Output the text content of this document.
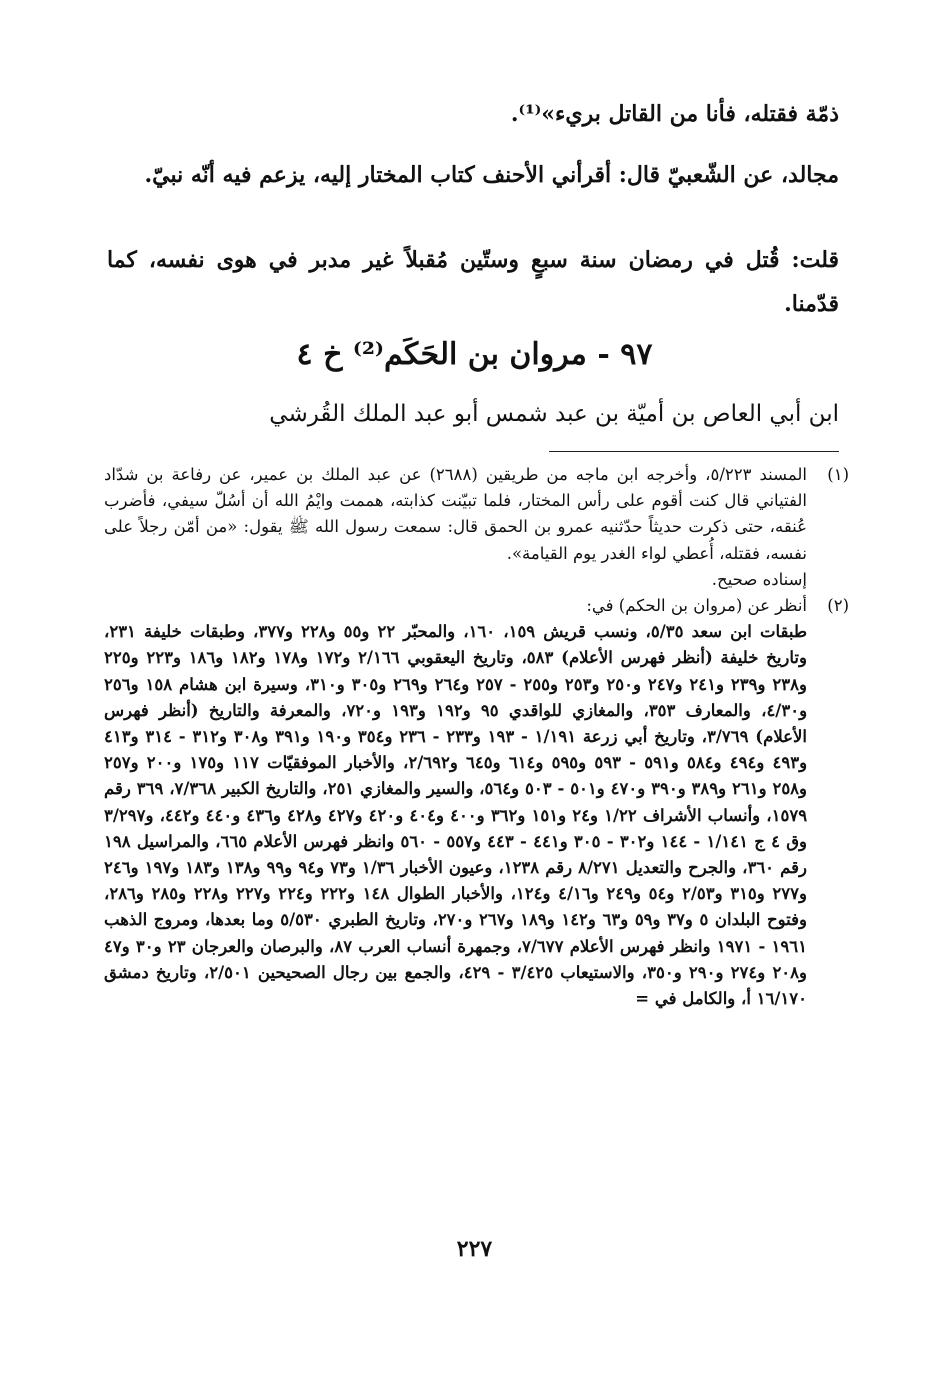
ذمّة فقتله، فأنا من القاتل بريء»⁽¹⁾.
مجالد، عن الشّعبيّ قال: أقرأني الأحنف كتاب المختار إليه، يزعم فيه أنّه نبيّ.
قلت: قُتل في رمضان سنة سبعٍ وستّين مُقبلاً غير مدبر في هوى نفسه، كما قدّمنا.
٩٧ - مروان بن الحَكَم⁽²⁾ خ ٤
ابن أبي العاص بن أميّة بن عبد شمس أبو عبد الملك القُرشي
(١)
المسند ٥/٢٢٣، وأخرجه ابن ماجه من طريقين (٢٦٨٨) عن عبد الملك بن عمير، عن رفاعة بن شدّاد الفتياني قال كنت أقوم على رأس المختار، فلما تبيّنت كذابته، هممت وايْمُ الله أن أسُلّ سيفي، فأضرب عُنقه، حتى ذكرت حديثاً حدّثنيه عمرو بن الحمق قال: سمعت رسول الله ﷺ يقول: «من أمّن رجلاً على نفسه، فقتله، أُعطي لواء الغدر يوم القيامة».
إسناده صحيح.
(٢)
أنظر عن (مروان بن الحكم) في:
طبقات ابن سعد ٥/٣٥، ونسب قريش ١٥٩، ١٦٠، والمحبّر ٢٢ و٥٥ و٢٢٨ و٣٧٧، وطبقات خليفة ٢٣١، وتاريخ خليفة (أنظر فهرس الأعلام) ٥٨٣، وتاريخ اليعقوبي ٢/١٦٦ و١٧٢ و١٧٨ و١٨٢ و١٨٦ و٢٢٣ و٢٢٥ و٢٣٨ و٢٣٩ و٢٤١ و٢٤٧ و٢٥٠ و٢٥٣ و٢٥٥ - ٢٥٧ و٢٦٤ و٢٦٩ و٣٠٥ و٣١٠، وسيرة ابن هشام ١٥٨ و٢٥٦ و٤/٣٠، والمعارف ٣٥٣، والمغازي للواقدي ٩٥ و١٩٢ و١٩٣ و٧٢٠، والمعرفة والتاريخ (أنظر فهرس الأعلام) ٣/٧٦٩، وتاريخ أبي زرعة ١/١٩١ - ١٩٣ و٢٣٣ - ٢٣٦ و٣٥٤ و١٩٠ و٣٩١ و٣٠٨ و٣١٢ - ٣١٤ و٤١٣ و٤٩٣ و٤٩٤ و٥٨٤ و٥٩١ - ٥٩٣ و٥٩٥ و٦١٤ و٦٤٥ و٢/٦٩٢، والأخبار الموفقيّات ١١٧ و١٧٥ و٢٠٠ و٢٥٧ و٢٥٨ و٢٦١ و٣٨٩ و٣٩٠ و٤٧٠ و٥٠١ - ٥٠٣ و٥٦٤، والسير والمغازي ٢٥١، والتاريخ الكبير ٧/٣٦٨، ٣٦٩ رقم ١٥٧٩، وأنساب الأشراف ١/٢٢ و٢٤ و١٥١ و٣٦٢ و٤٠٠ و٤٠٤ و٤٢٠ و٤٢٧ و٤٢٨ و٤٣٦ و٤٤٠ و٤٤٢، و٣/٢٩٧ وق ٤ ج ١/١٤١ - ١٤٤ و٣٠٢ - ٣٠٥ و٤٤١ - ٤٤٣ و٥٥٧ - ٥٦٠ وانظر فهرس الأعلام ٦٦٥، والمراسيل ١٩٨ رقم ٣٦٠، والجرح والتعديل ٨/٢٧١ رقم ١٢٣٨، وعيون الأخبار ١/٣٦ و٧٣ و٩٤ و٩٩ و١٣٨ و١٨٣ و١٩٧ و٢٤٦ و٢٧٧ و٣١٥ و٢/٥٣ و٥٤ و٢٤٩ و٤/١٦ و١٢٤، والأخبار الطوال ١٤٨ و٢٢٢ و٢٢٤ و٢٢٧ و٢٢٨ و٢٨٥ و٢٨٦، وفتوح البلدان ٥ و٣٧ و٥٩ و٦٣ و١٤٢ و١٨٩ و٢٦٧ و٢٧٠، وتاريخ الطبري ٥/٥٣٠ وما بعدها، ومروج الذهب ١٩٦١ - ١٩٧١ وانظر فهرس الأعلام ٧/٦٧٧، وجمهرة أنساب العرب ٨٧، والبرصان والعرجان ٢٣ و٣٠ و٤٧ و٢٠٨ و٢٧٤ و٢٩٠ و٣٥٠، والاستيعاب ٣/٤٢٥ - ٤٢٩، والجمع بين رجال الصحيحين ٢/٥٠١، وتاريخ دمشق ١٦/١٧٠ أ، والكامل في =
٢٢٧
